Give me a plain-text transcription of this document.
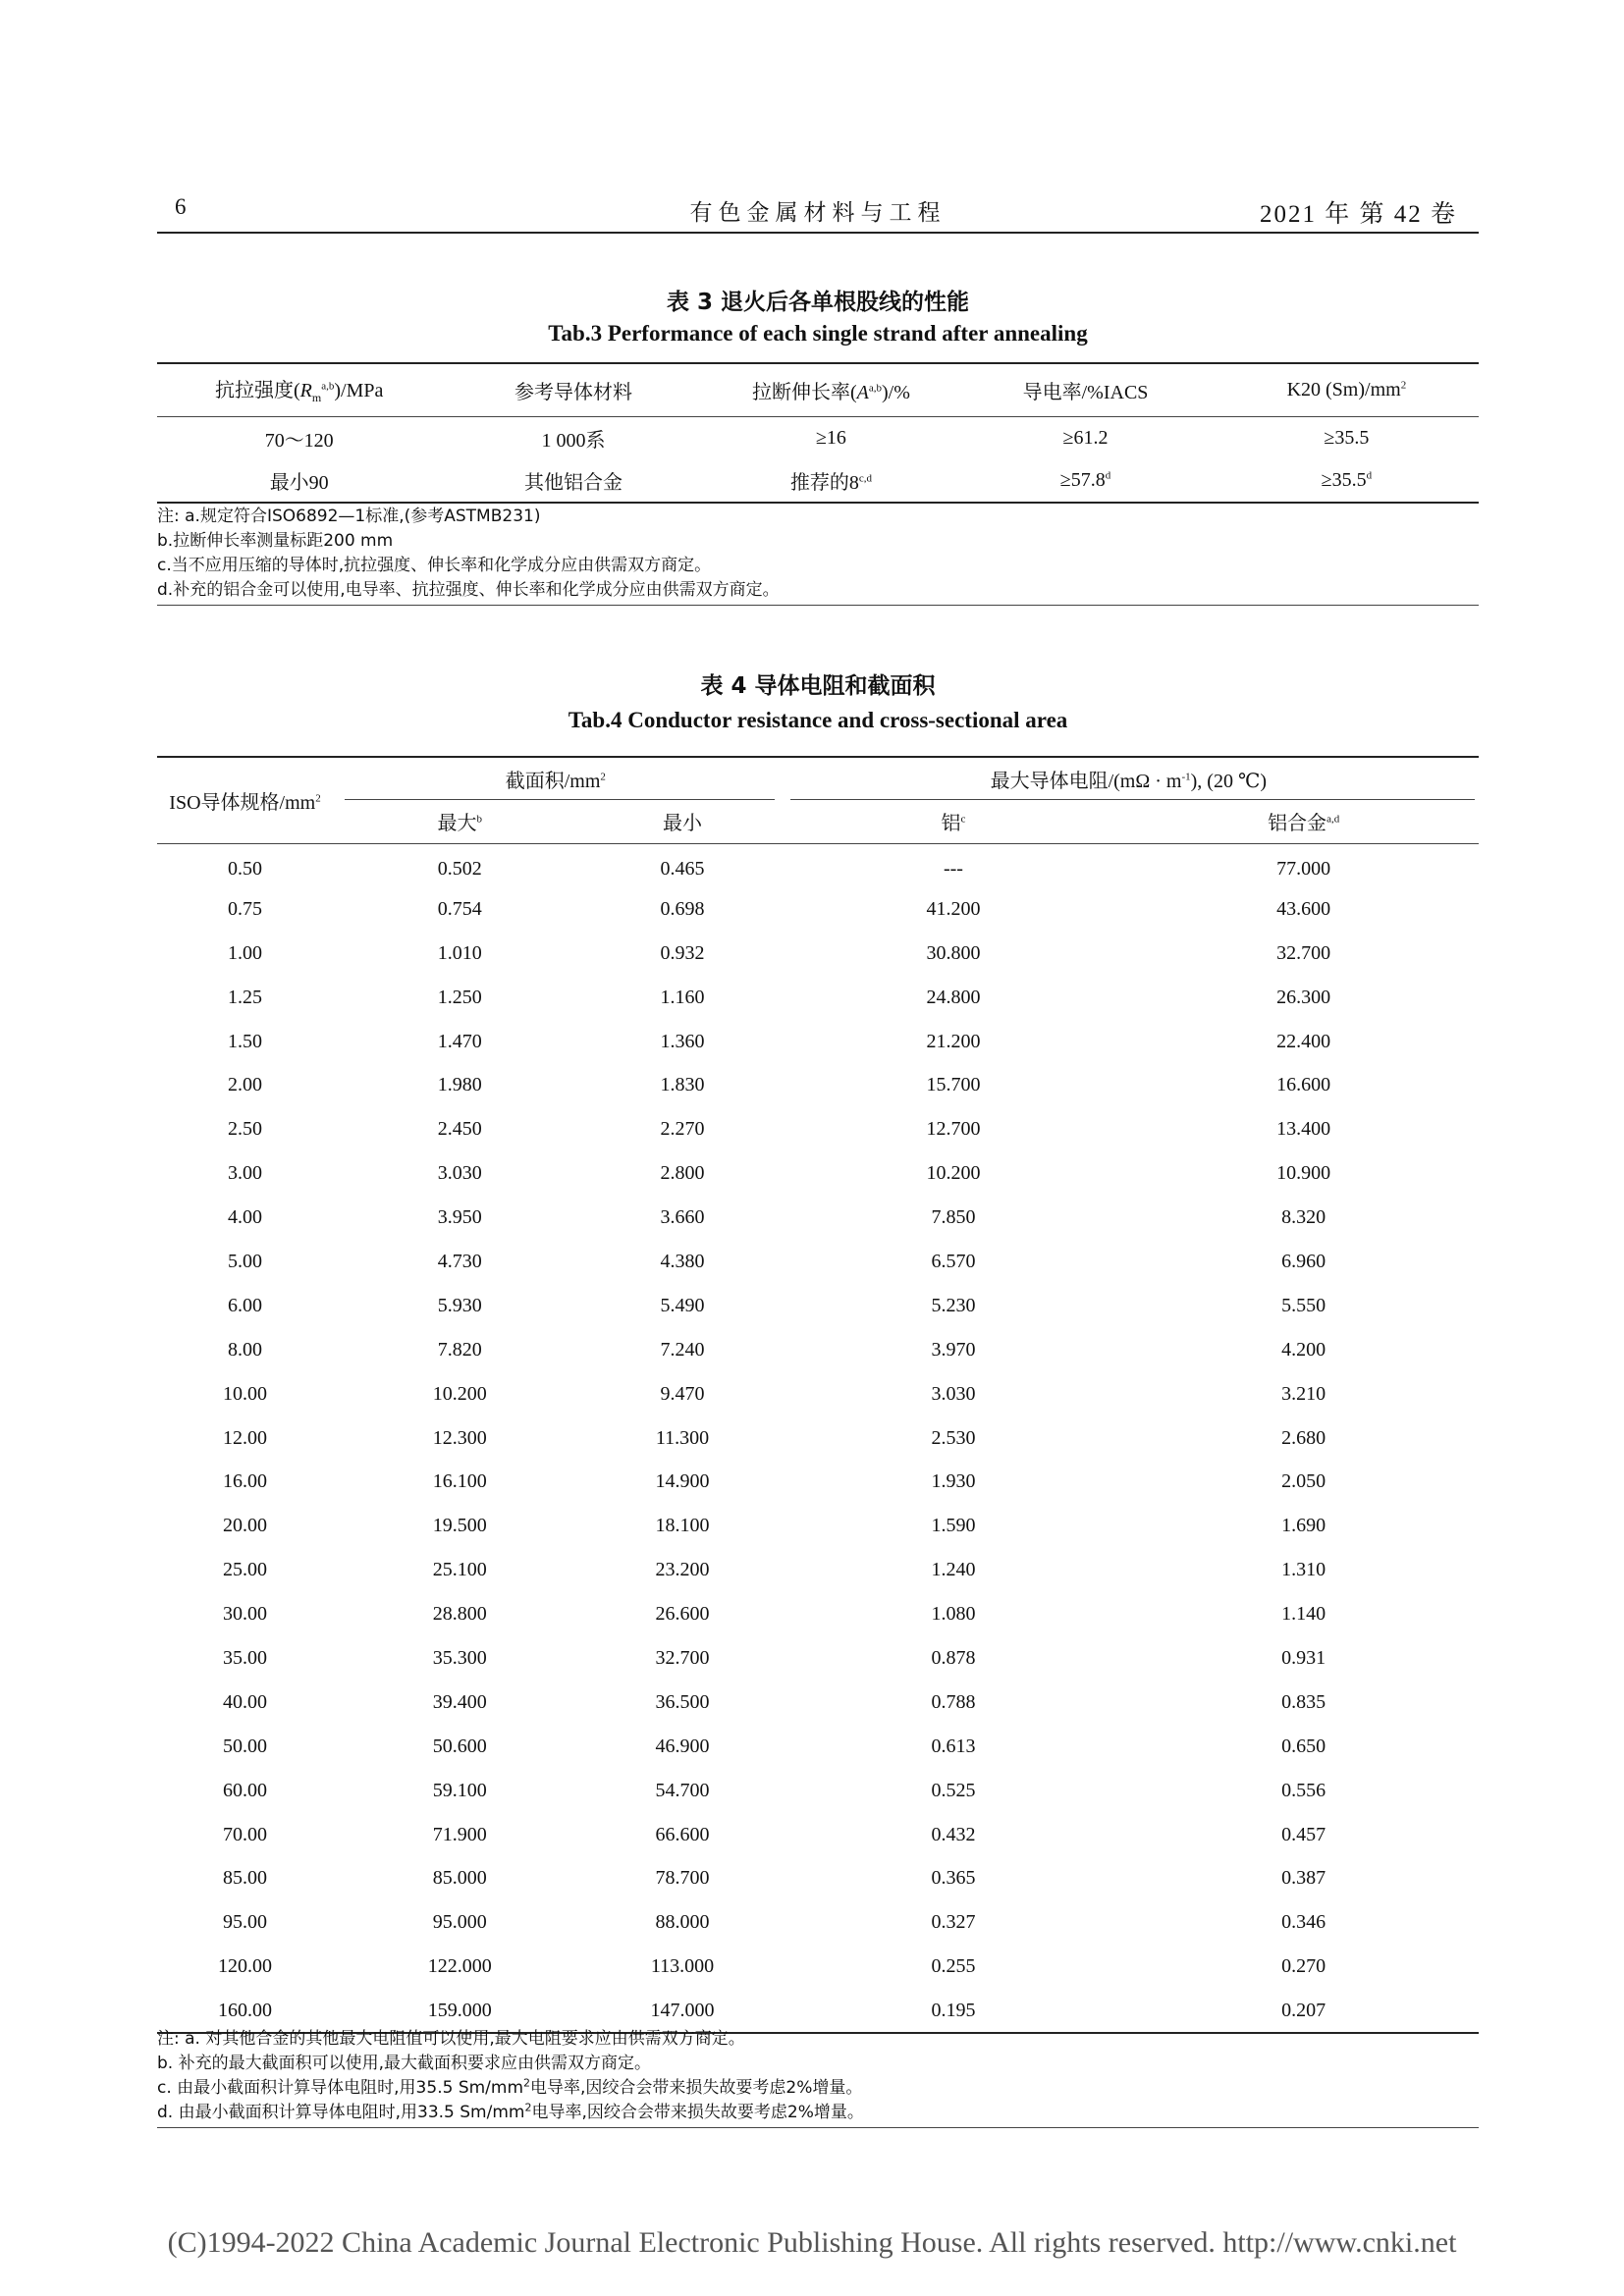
6	有色金属材料与工程	2021 年 第 42 卷
表 3 退火后各单根股线的性能
Tab.3 Performance of each single strand after annealing
抗拉强度$(R_m^{a,b})$/MPa	参考导体材料	拉断伸长率$(A^{a,b})/\%$	导电率/%IACS	K20 $(Sm)/mm^2$
70～120	1 000系	≥16	≥61.2	≥35.5
最小90	其他铝合金	推荐的$8^{c,d}$	≥57.8$^d$	≥35.5$^d$
注: a.规定符合ISO6892—1标准,(参考ASTMB231)
b.拉断伸长率测量标距200 mm
c.当不应用压缩的导体时,抗拉强度、伸长率和化学成分应由供需双方商定。
d.补充的铝合金可以使用,电导率、抗拉强度、伸长率和化学成分应由供需双方商定。
表 4 导体电阻和截面积
Tab.4 Conductor resistance and cross-sectional area
ISO导体规格$/mm^2$	截面积$/mm^2$		最大导体电阻$/(m\Omega \cdot m^{-1})$, (20 ℃)	

	最大$^b$	最小	铝$^c$	铝合金$^{a,d}$
0.50	0.502	0.465	---	77.000
0.75	0.754	0.698	41.200	43.600
1.00	1.010	0.932	30.800	32.700
1.25	1.250	1.160	24.800	26.300
1.50	1.470	1.360	21.200	22.400
2.00	1.980	1.830	15.700	16.600
2.50	2.450	2.270	12.700	13.400
3.00	3.030	2.800	10.200	10.900
4.00	3.950	3.660	7.850	8.320
5.00	4.730	4.380	6.570	6.960
6.00	5.930	5.490	5.230	5.550
8.00	7.820	7.240	3.970	4.200
10.00	10.200	9.470	3.030	3.210
12.00	12.300	11.300	2.530	2.680
16.00	16.100	14.900	1.930	2.050
20.00	19.500	18.100	1.590	1.690
25.00	25.100	23.200	1.240	1.310
30.00	28.800	26.600	1.080	1.140
35.00	35.300	32.700	0.878	0.931
40.00	39.400	36.500	0.788	0.835
50.00	50.600	46.900	0.613	0.650
60.00	59.100	54.700	0.525	0.556
70.00	71.900	66.600	0.432	0.457
85.00	85.000	78.700	0.365	0.387
95.00	95.000	88.000	0.327	0.346
120.00	122.000	113.000	0.255	0.270
160.00	159.000	147.000	0.195	0.207
注: a. 对其他合金的其他最大电阻值可以使用,最大电阻要求应由供需双方商定。
b. 补充的最大截面积可以使用,最大截面积要求应由供需双方商定。
c. 由最小截面积计算导体电阻时,用35.5 $Sm/mm^2$电导率,因绞合会带来损失故要考虑2%增量。
d. 由最小截面积计算导体电阻时,用33.5 $Sm/mm^2$电导率,因绞合会带来损失故要考虑2%增量。
(C)1994-2022 China Academic Journal Electronic Publishing House. All rights reserved. http://www.cnki.net
